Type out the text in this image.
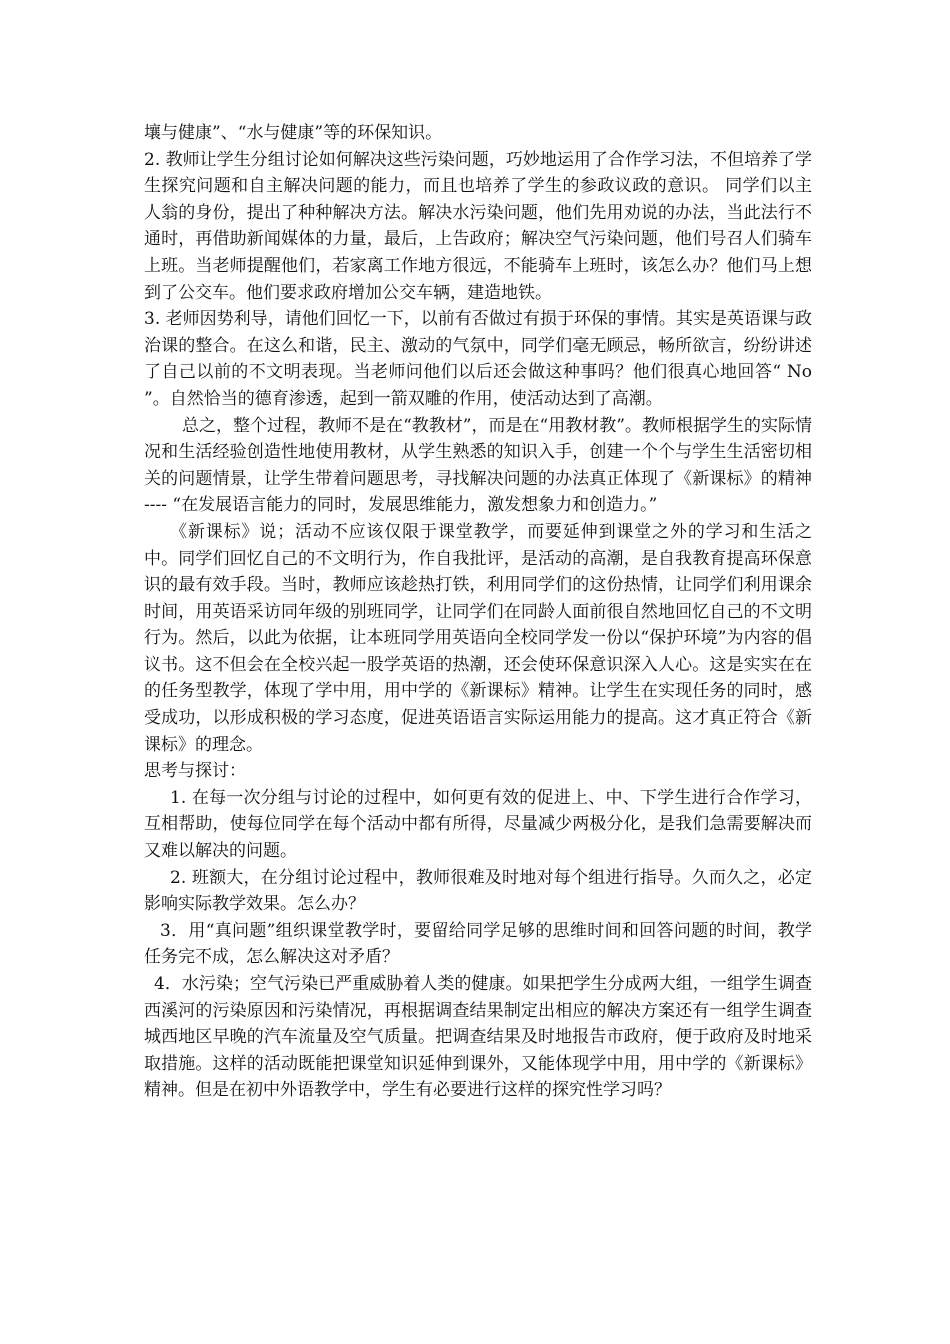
壤与健康”、“水与健康”等的环保知识。

2. 教师让学生分组讨论如何解决这些污染问题，巧妙地运用了合作学习法，不但培养了学生探究问题和自主解决问题的能力，而且也培养了学生的参政议政的意识。 同学们以主人翁的身份，提出了种种解决方法。解决水污染问题，他们先用劝说的办法，当此法行不通时，再借助新闻媒体的力量，最后，上告政府；解决空气污染问题，他们号召人们骑车上班。当老师提醒他们，若家离工作地方很远，不能骑车上班时，该怎么办？他们马上想到了公交车。他们要求政府增加公交车辆，建造地铁。

3. 老师因势利导，请他们回忆一下，以前有否做过有损于环保的事情。其实是英语课与政治课的整合。在这么和谐，民主、激动的气氛中，同学们毫无顾忌，畅所欲言，纷纷讲述了自己以前的不文明表现。当老师问他们以后还会做这种事吗？他们很真心地回答“ No ”。自然恰当的德育渗透，起到一箭双雕的作用，使活动达到了高潮。

总之，整个过程，教师不是在“教教材”，而是在“用教材教”。教师根据学生的实际情况和生活经验创造性地使用教材，从学生熟悉的知识入手，创建一个个与学生生活密切相关的问题情景，让学生带着问题思考，寻找解决问题的办法真正体现了《新课标》的精神 ---- “在发展语言能力的同时，发展思维能力，激发想象力和创造力。”

《新课标》说；活动不应该仅限于课堂教学，而要延伸到课堂之外的学习和生活之中。同学们回忆自己的不文明行为，作自我批评，是活动的高潮，是自我教育提高环保意识的最有效手段。当时，教师应该趁热打铁，利用同学们的这份热情，让同学们利用课余时间，用英语采访同年级的别班同学，让同学们在同龄人面前很自然地回忆自己的不文明行为。然后，以此为依据，让本班同学用英语向全校同学发一份以“保护环境”为内容的倡议书。这不但会在全校兴起一股学英语的热潮，还会使环保意识深入人心。这是实实在在的任务型教学，体现了学中用，用中学的《新课标》精神。让学生在实现任务的同时，感受成功，以形成积极的学习态度，促进英语语言实际运用能力的提高。这才真正符合《新课标》的理念。

思考与探讨：

1. 在每一次分组与讨论的过程中，如何更有效的促进上、中、下学生进行合作学习，互相帮助，使每位同学在每个活动中都有所得，尽量减少两极分化，是我们急需要解决而又难以解决的问题。

2. 班额大，在分组讨论过程中，教师很难及时地对每个组进行指导。久而久之，必定影响实际教学效果。怎么办？

3．用“真问题”组织课堂教学时，要留给同学足够的思维时间和回答问题的时间，教学任务完不成，怎么解决这对矛盾？

4．水污染；空气污染已严重威胁着人类的健康。如果把学生分成两大组，一组学生调查西溪河的污染原因和污染情况，再根据调查结果制定出相应的解决方案还有一组学生调查城西地区早晚的汽车流量及空气质量。把调查结果及时地报告市政府，便于政府及时地采取措施。这样的活动既能把课堂知识延伸到课外，又能体现学中用，用中学的《新课标》精神。但是在初中外语教学中，学生有必要进行这样的探究性学习吗？
